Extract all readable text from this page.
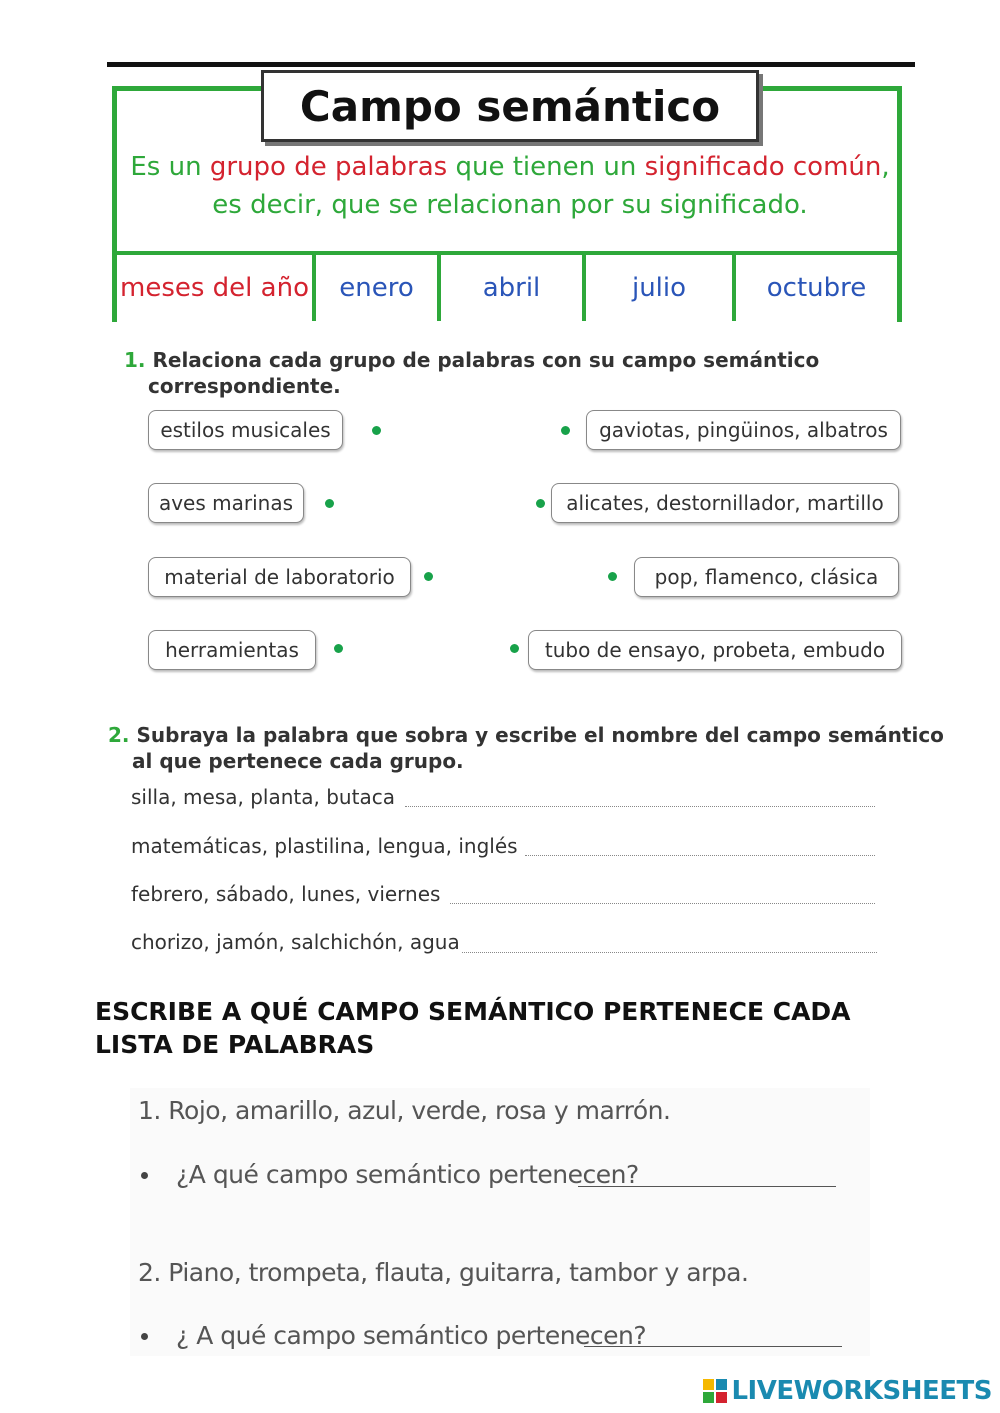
Campo semántico
Es un grupo de palabras que tienen un significado común, es decir, que se relacionan por su significado.
meses del año	enero	abril	julio	octubre
1. Relaciona cada grupo de palabras con su campo semántico
correspondiente.
estilos musicales
aves marinas
material de laboratorio
herramientas
gaviotas, pingüinos, albatros
alicates, destornillador, martillo
pop, flamenco, clásica
tubo de ensayo, probeta, embudo
2. Subraya la palabra que sobra y escribe el nombre del campo semántico
al que pertenece cada grupo.
silla, mesa, planta, butaca
matemáticas, plastilina, lengua, inglés
febrero, sábado, lunes, viernes
chorizo, jamón, salchichón, agua
ESCRIBE A QUÉ CAMPO SEMÁNTICO PERTENECE CADA
LISTA DE PALABRAS
1. Rojo, amarillo, azul, verde, rosa y marrón.
¿A qué campo semántico pertenecen?
2. Piano, trompeta, flauta, guitarra, tambor y arpa.
¿ A qué campo semántico pertenecen?
LIVEWORKSHEETS
